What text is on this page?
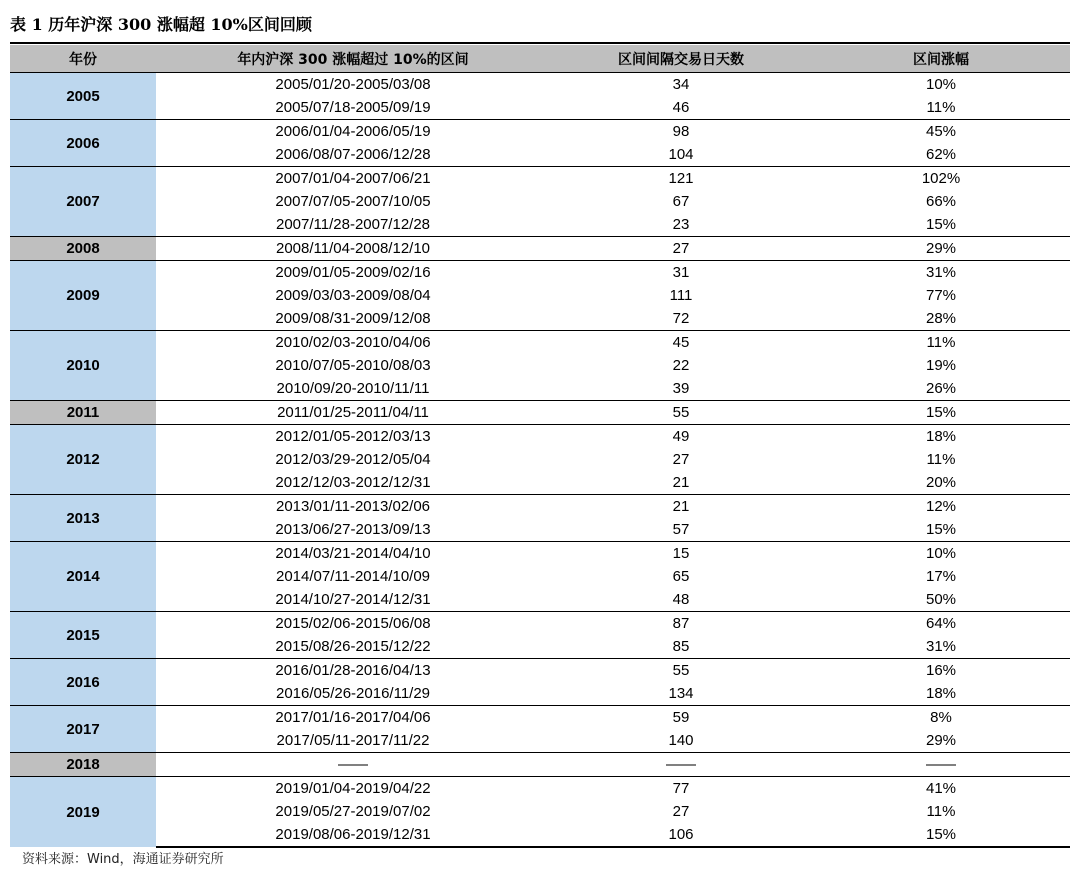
表 1 历年沪深 300 涨幅超 10%区间回顾
年份	年内沪深 300 涨幅超过 10%的区间	区间间隔交易日天数	区间涨幅
2005	2005/01/20-2005/03/08	34	10%
	2005/07/18-2005/09/19	46	11%
2006	2006/01/04-2006/05/19	98	45%
	2006/08/07-2006/12/28	104	62%
2007	2007/01/04-2007/06/21	121	102%
	2007/07/05-2007/10/05	67	66%
	2007/11/28-2007/12/28	23	15%
2008	2008/11/04-2008/12/10	27	29%
2009	2009/01/05-2009/02/16	31	31%
	2009/03/03-2009/08/04	111	77%
	2009/08/31-2009/12/08	72	28%
2010	2010/02/03-2010/04/06	45	11%
	2010/07/05-2010/08/03	22	19%
	2010/09/20-2010/11/11	39	26%
2011	2011/01/25-2011/04/11	55	15%
2012	2012/01/05-2012/03/13	49	18%
	2012/03/29-2012/05/04	27	11%
	2012/12/03-2012/12/31	21	20%
2013	2013/01/11-2013/02/06	21	12%
	2013/06/27-2013/09/13	57	15%
2014	2014/03/21-2014/04/10	15	10%
	2014/07/11-2014/10/09	65	17%
	2014/10/27-2014/12/31	48	50%
2015	2015/02/06-2015/06/08	87	64%
	2015/08/26-2015/12/22	85	31%
2016	2016/01/28-2016/04/13	55	16%
	2016/05/26-2016/11/29	134	18%
2017	2017/01/16-2017/04/06	59	8%
	2017/05/11-2017/11/22	140	29%
2018	——	——	——
2019	2019/01/04-2019/04/22	77	41%
	2019/05/27-2019/07/02	27	11%
	2019/08/06-2019/12/31	106	15%
资料来源：Wind，海通证券研究所
